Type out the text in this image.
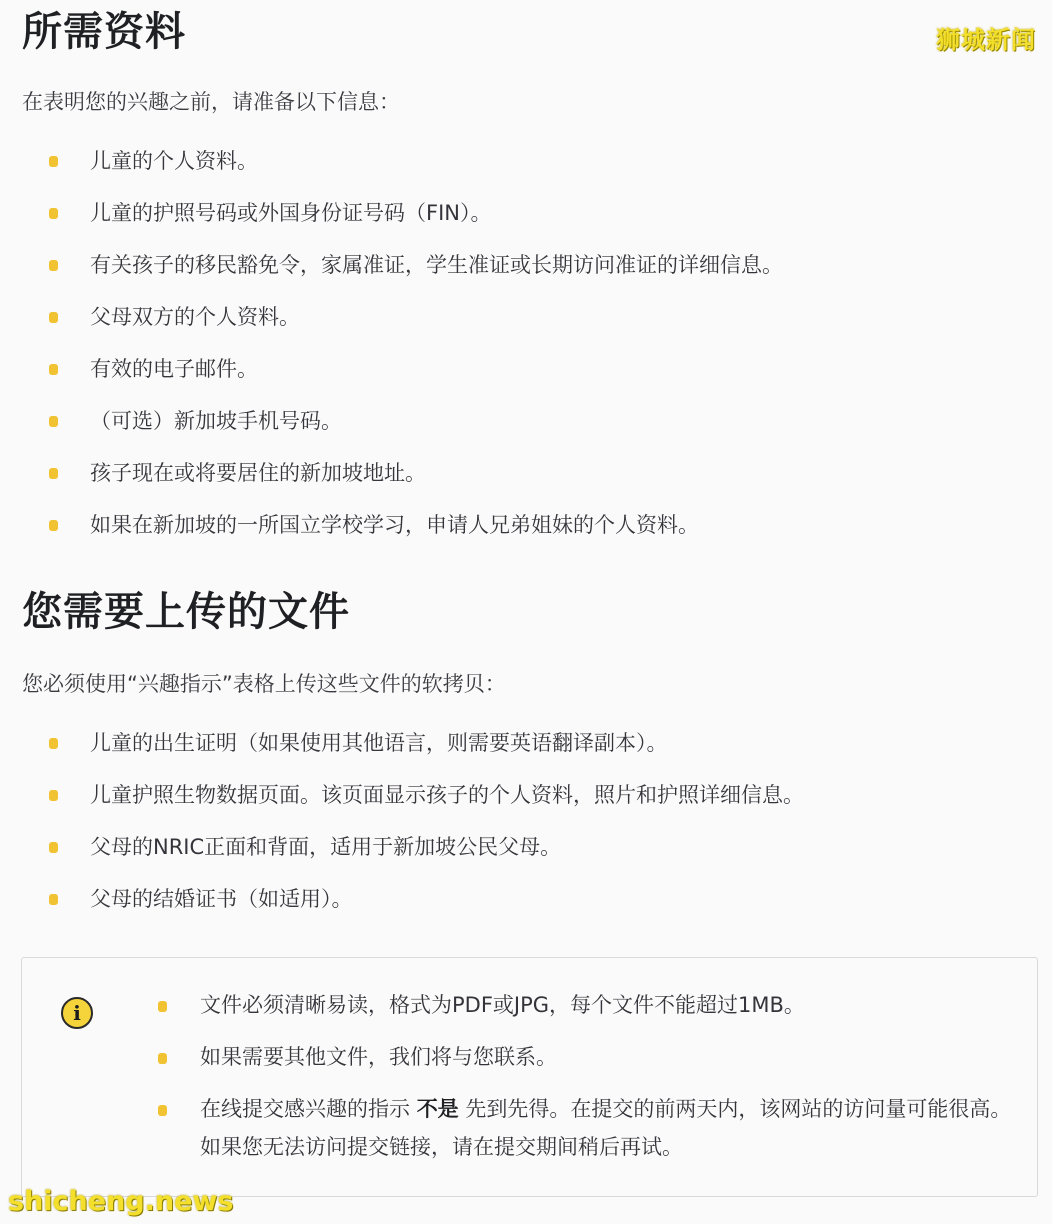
所需资料
在表明您的兴趣之前，请准备以下信息：
儿童的个人资料。
儿童的护照号码或外国身份证号码（FIN）。
有关孩子的移民豁免令，家属准证，学生准证或长期访问准证的详细信息。
父母双方的个人资料。
有效的电子邮件。
（可选）新加坡手机号码。
孩子现在或将要居住的新加坡地址。
如果在新加坡的一所国立学校学习，申请人兄弟姐妹的个人资料。
您需要上传的文件
您必须使用“兴趣指示”表格上传这些文件的软拷贝：
儿童的出生证明（如果使用其他语言，则需要英语翻译副本）。
儿童护照生物数据页面。该页面显示孩子的个人资料，照片和护照详细信息。
父母的NRIC正面和背面，适用于新加坡公民父母。
父母的结婚证书（如适用）。
i	文件必须清晰易读，格式为PDF或JPG，每个文件不能超过1MB。
如果需要其他文件，我们将与您联系。
在线提交感兴趣的指示 不是 先到先得。在提交的前两天内，该网站的访问量可能很高。如果您无法访问提交链接，请在提交期间稍后再试。
狮城新闻
shicheng.news
